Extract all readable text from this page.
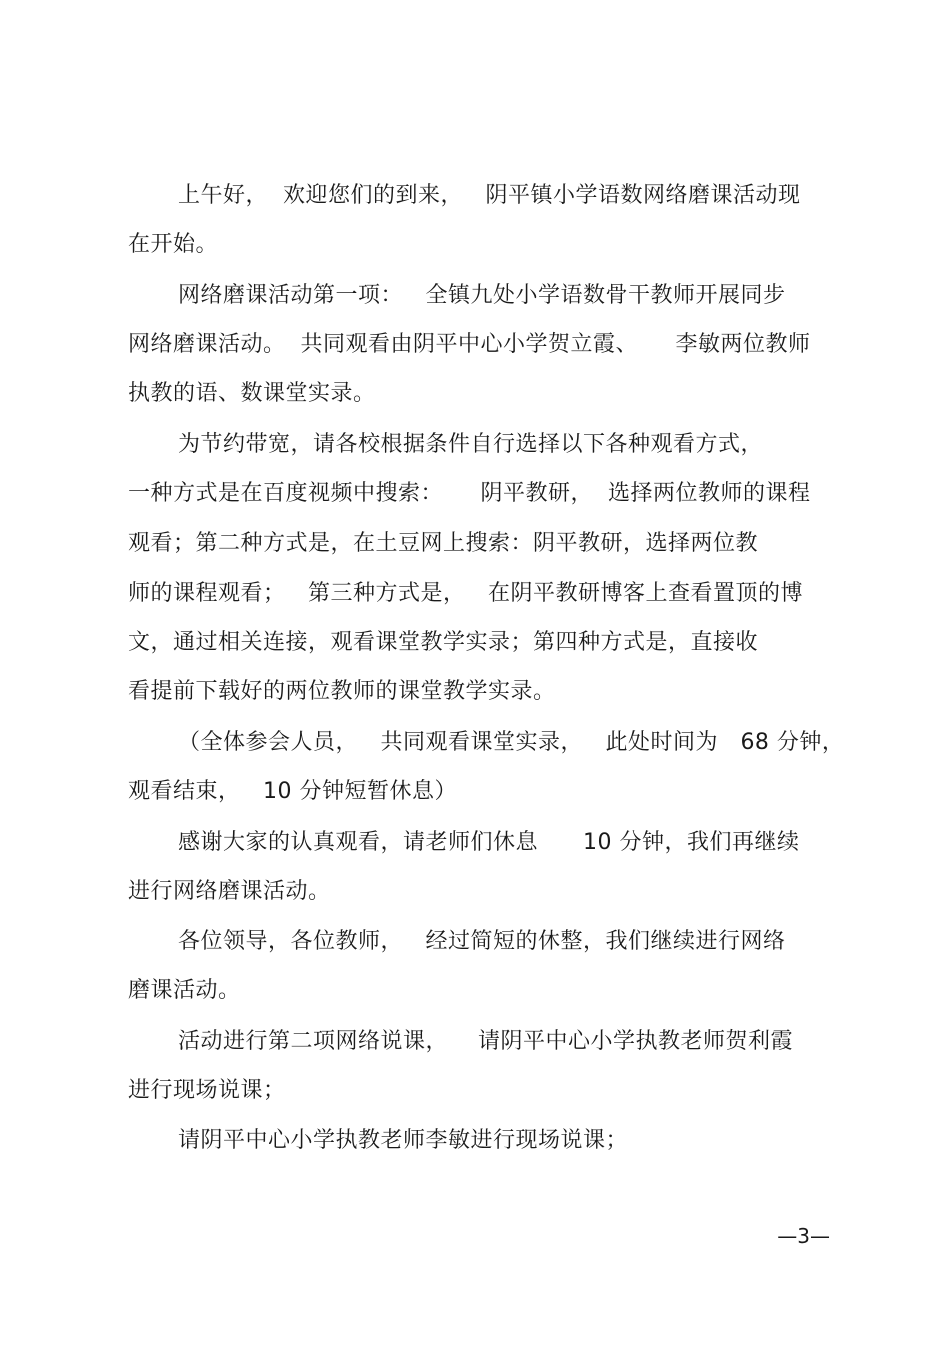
上午好，  欢迎您们的到来，   阴平镇小学语数网络磨课活动现
在开始。
网络磨课活动第一项：   全镇九处小学语数骨干教师开展同步
网络磨课活动。  共同观看由阴平中心小学贺立霞、     李敏两位教师
执教的语、数课堂实录。
为节约带宽，请各校根据条件自行选择以下各种观看方式，
一种方式是在百度视频中搜索：     阴平教研，  选择两位教师的课程
观看；第二种方式是，在土豆网上搜索：阴平教研，选择两位教
师的课程观看；   第三种方式是，   在阴平教研博客上查看置顶的博
文，通过相关连接，观看课堂教学实录；第四种方式是，直接收
看提前下载好的两位教师的课堂教学实录。
（全体参会人员，   共同观看课堂实录，   此处时间为   68 分钟，
观看结束，   10 分钟短暂休息）
感谢大家的认真观看，请老师们休息      10 分钟，我们再继续
进行网络磨课活动。
各位领导，各位教师，   经过简短的休整，我们继续进行网络
磨课活动。
活动进行第二项网络说课，    请阴平中心小学执教老师贺利霞
进行现场说课；
请阴平中心小学执教老师李敏进行现场说课；
—3—
